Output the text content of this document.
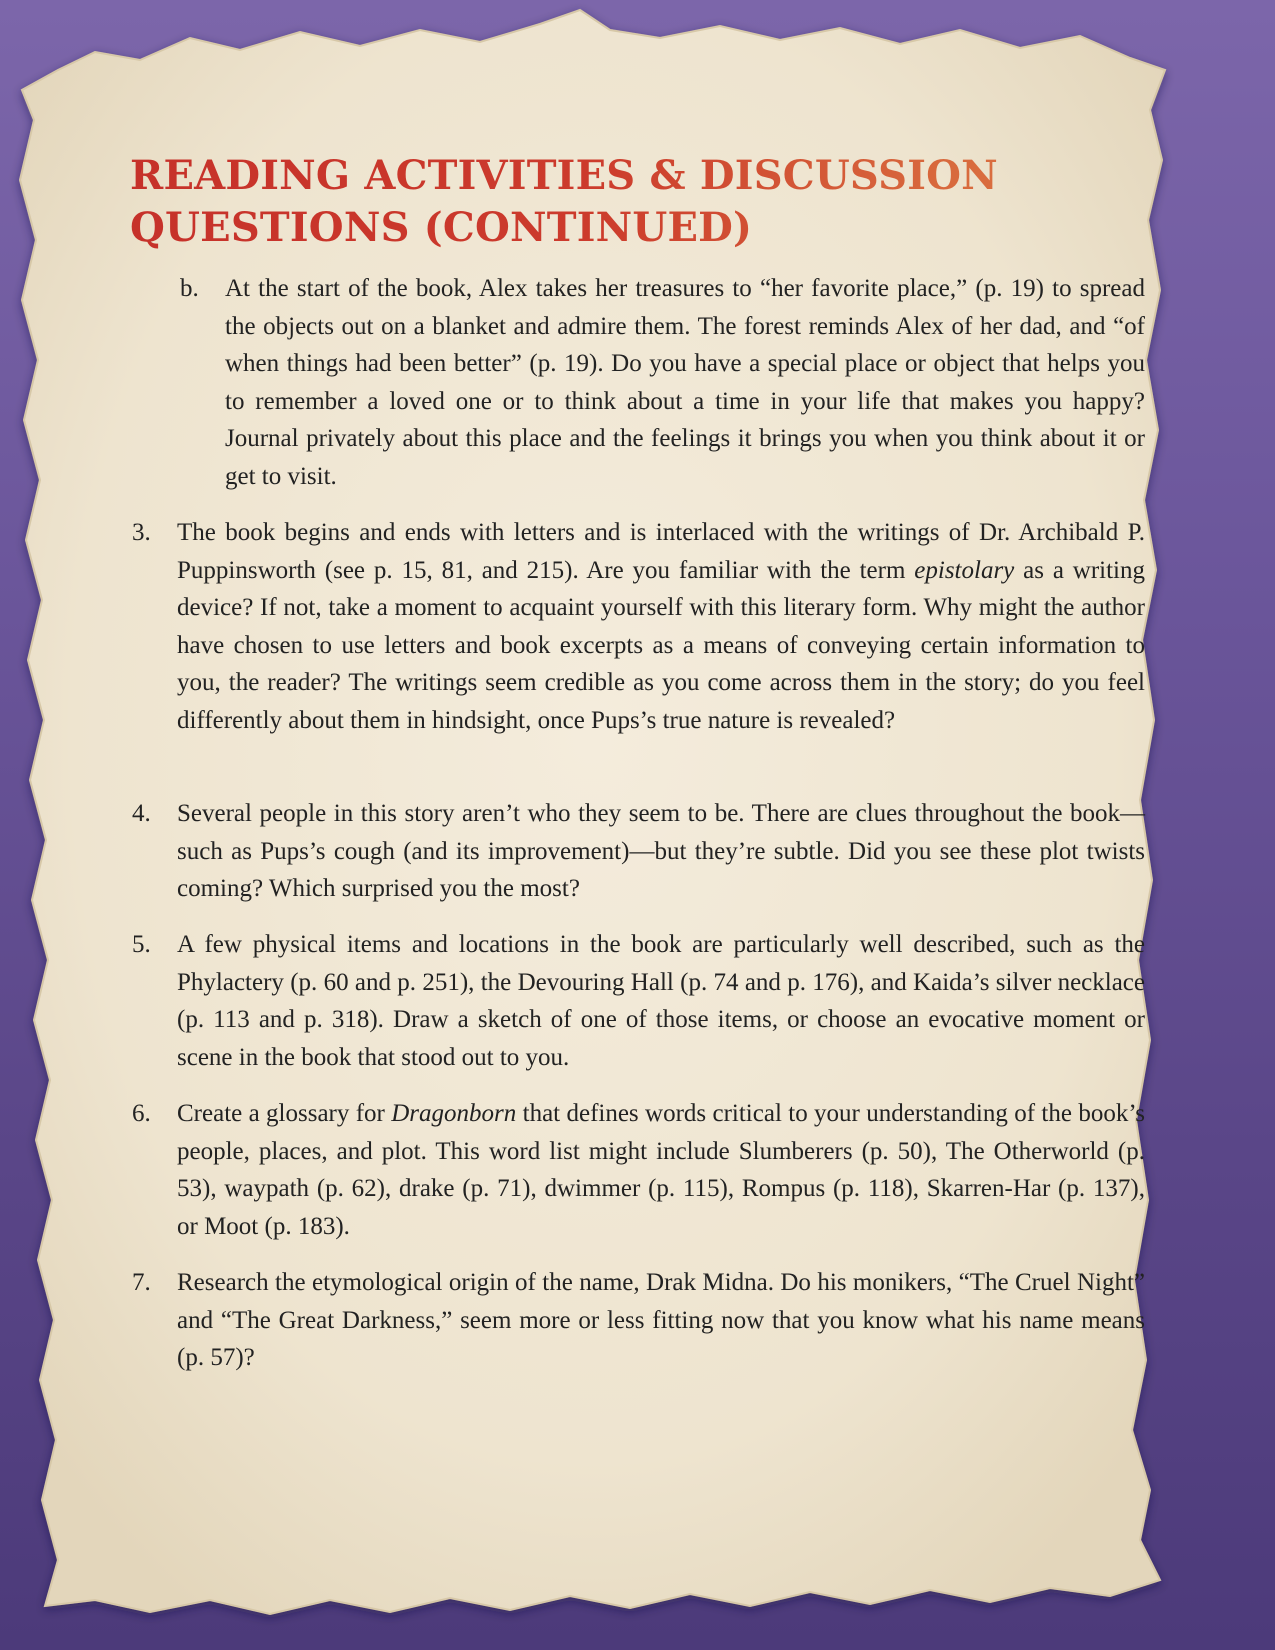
READING ACTIVITIES & DISCUSSION QUESTIONS (CONTINUED)
b. At the start of the book, Alex takes her treasures to “her favorite place,” (p. 19) to spread the objects out on a blanket and admire them. The forest reminds Alex of her dad, and “of when things had been better” (p. 19). Do you have a special place or object that helps you to remember a loved one or to think about a time in your life that makes you happy? Journal privately about this place and the feelings it brings you when you think about it or get to visit.
3. The book begins and ends with letters and is interlaced with the writings of Dr. Archibald P. Puppinsworth (see p. 15, 81, and 215). Are you familiar with the term epistolary as a writing device? If not, take a moment to acquaint yourself with this literary form. Why might the author have chosen to use letters and book excerpts as a means of conveying certain information to you, the reader? The writings seem credible as you come across them in the story; do you feel differently about them in hindsight, once Pups’s true nature is revealed?
4. Several people in this story aren’t who they seem to be. There are clues throughout the book—such as Pups’s cough (and its improvement)—but they’re subtle. Did you see these plot twists coming? Which surprised you the most?
5. A few physical items and locations in the book are particularly well described, such as the Phylactery (p. 60 and p. 251), the Devouring Hall (p. 74 and p. 176), and Kaida’s silver necklace (p. 113 and p. 318). Draw a sketch of one of those items, or choose an evocative moment or scene in the book that stood out to you.
6. Create a glossary for Dragonborn that defines words critical to your understanding of the book’s people, places, and plot. This word list might include Slumberers (p. 50), The Otherworld (p. 53), waypath (p. 62), drake (p. 71), dwimmer (p. 115), Rompus (p. 118), Skarren-Har (p. 137), or Moot (p. 183).
7. Research the etymological origin of the name, Drak Midna. Do his monikers, “The Cruel Night” and “The Great Darkness,” seem more or less fitting now that you know what his name means (p. 57)?
